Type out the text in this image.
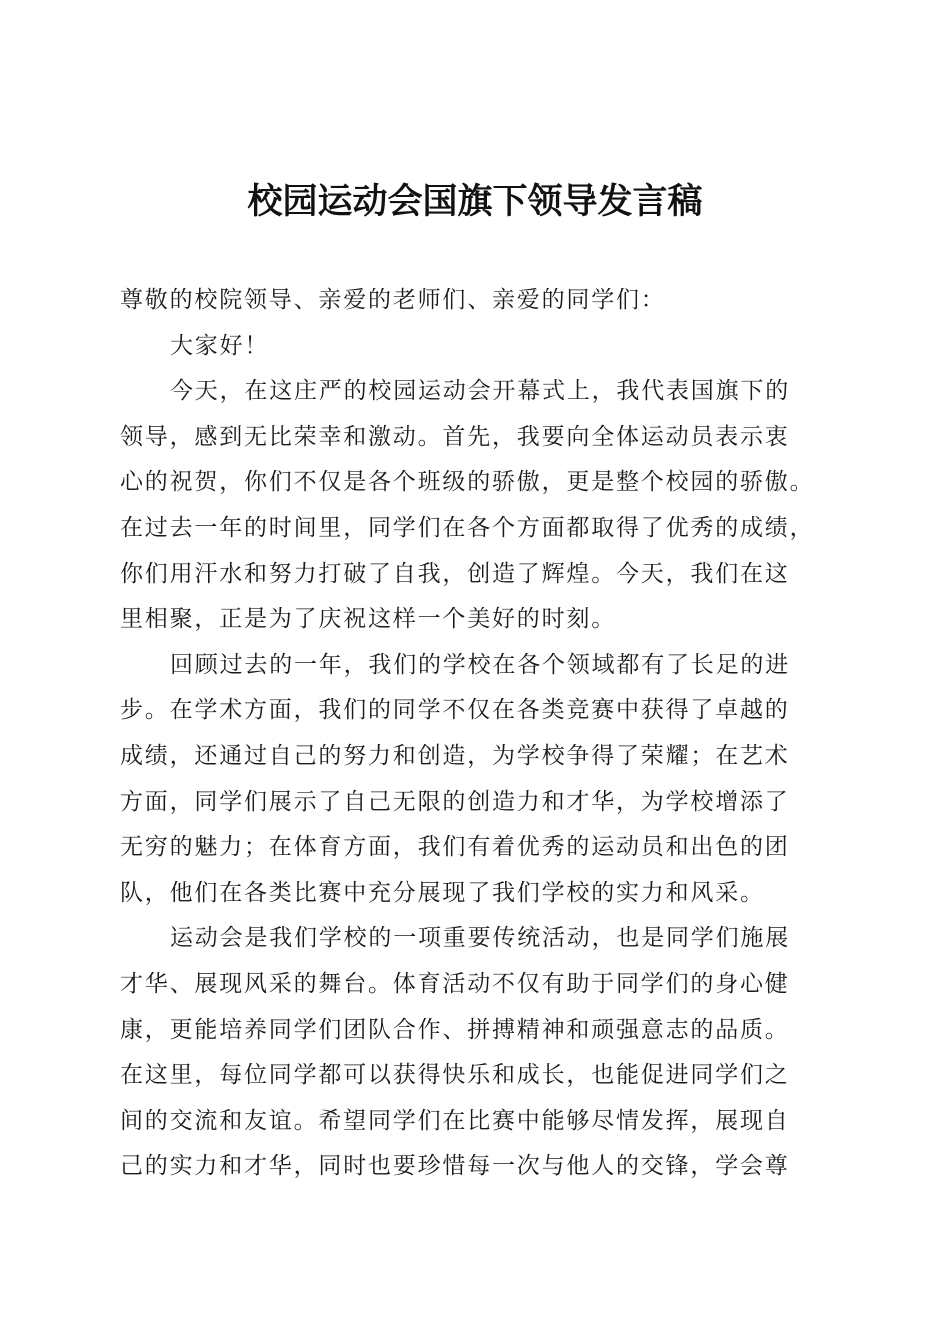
校园运动会国旗下领导发言稿
尊敬的校院领导、亲爱的老师们、亲爱的同学们：

大家好！

今天，在这庄严的校园运动会开幕式上，我代表国旗下的
领导，感到无比荣幸和激动。首先，我要向全体运动员表示衷
心的祝贺，你们不仅是各个班级的骄傲，更是整个校园的骄傲。
在过去一年的时间里，同学们在各个方面都取得了优秀的成绩，
你们用汗水和努力打破了自我，创造了辉煌。今天，我们在这
里相聚，正是为了庆祝这样一个美好的时刻。

回顾过去的一年，我们的学校在各个领域都有了长足的进
步。在学术方面，我们的同学不仅在各类竞赛中获得了卓越的
成绩，还通过自己的努力和创造，为学校争得了荣耀；在艺术
方面，同学们展示了自己无限的创造力和才华，为学校增添了
无穷的魅力；在体育方面，我们有着优秀的运动员和出色的团
队，他们在各类比赛中充分展现了我们学校的实力和风采。

运动会是我们学校的一项重要传统活动，也是同学们施展
才华、展现风采的舞台。体育活动不仅有助于同学们的身心健
康，更能培养同学们团队合作、拼搏精神和顽强意志的品质。
在这里，每位同学都可以获得快乐和成长，也能促进同学们之
间的交流和友谊。希望同学们在比赛中能够尽情发挥，展现自
己的实力和才华，同时也要珍惜每一次与他人的交锋，学会尊
